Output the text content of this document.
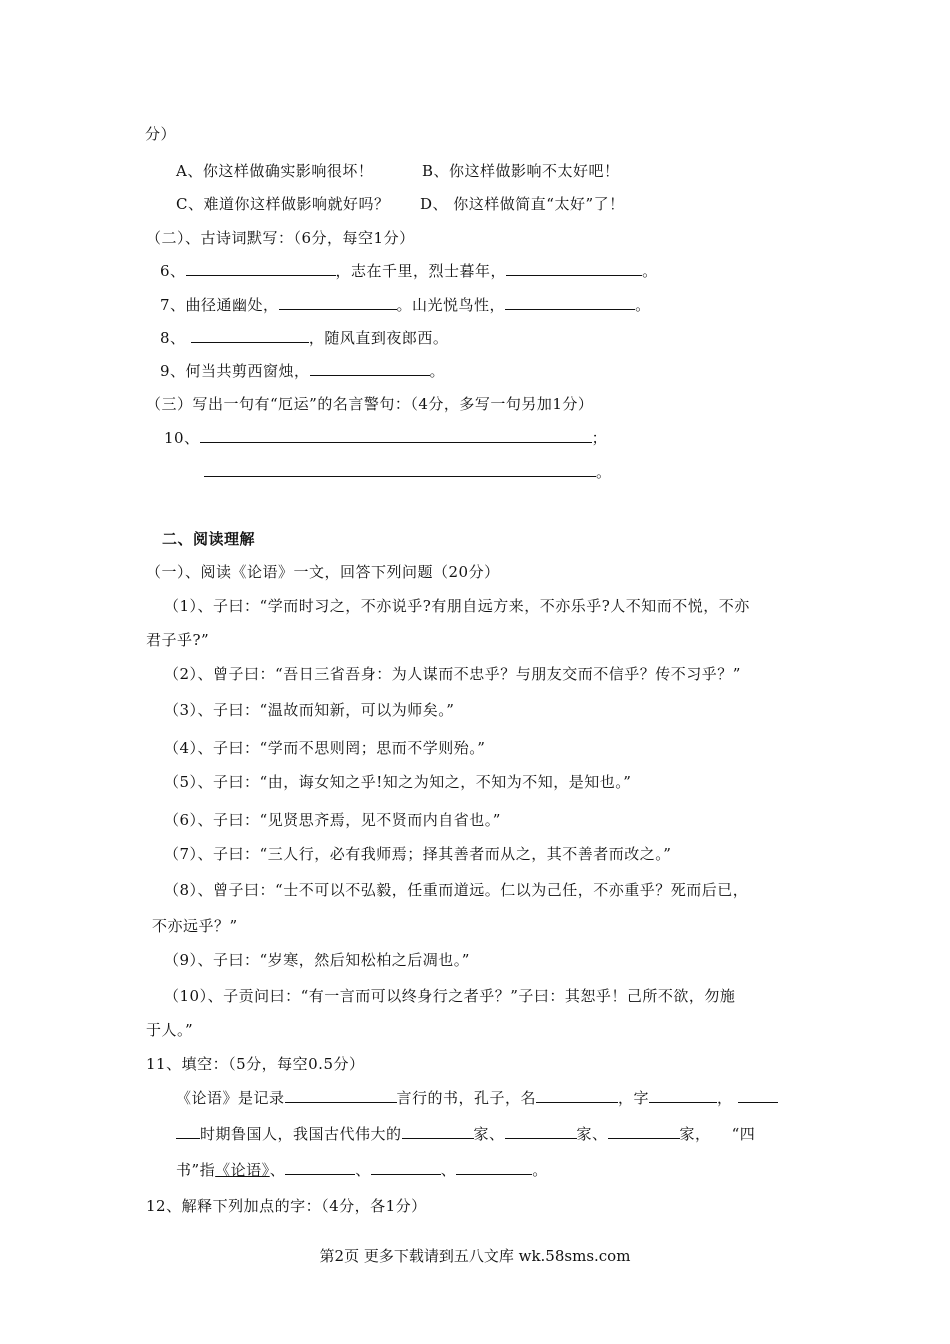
分）
A、你这样做确实影响很坏！	B、你这样做影响不太好吧！
C、难道你这样做影响就好吗？ D、 你这样做简直“太好”了！
（二）、古诗词默写：（6分，每空1分）
6、	，志在千里，烈士暮年，	。
7、曲径通幽处，	。山光悦鸟性，	。
8、	，随风直到夜郎西。
9、何当共剪西窗烛，	。
（三）写出一句有“厄运”的名言警句：（4分，多写一句另加1分）
10、	；
。
二、阅读理解
（一）、阅读《论语》一文，回答下列问题（20分）
（1）、子曰：“学而时习之，不亦说乎?有朋自远方来，不亦乐乎?人不知而不悦，不亦
君子乎?”
（2）、曾子曰：“吾日三省吾身：为人谋而不忠乎？与朋友交而不信乎？传不习乎？”
（3）、子曰：“温故而知新，可以为师矣。”
（4）、子曰：“学而不思则罔；思而不学则殆。”
（5）、子曰：“由，诲女知之乎!知之为知之，不知为不知，是知也。”
（6）、子曰：“见贤思齐焉，见不贤而内自省也。”
（7）、子曰：“三人行，必有我师焉；择其善者而从之，其不善者而改之。”
（8）、曾子曰：“士不可以不弘毅，任重而道远。仁以为己任，不亦重乎？死而后已，
不亦远乎？”
（9）、子曰：“岁寒，然后知松柏之后凋也。”
（10）、子贡问曰：“有一言而可以终身行之者乎？”子曰：其恕乎！己所不欲，勿施
于人。”
11、填空：（5分，每空0.5分）
《论语》是记录	言行的书，孔子，名	，字	，
时期鲁国人，我国古代伟大的	家、	家、	家， “四
书”指《论语》、	、	、	。
12、解释下列加点的字：（4分，各1分）
第2页 更多下载请到五八文库 wk.58sms.com
